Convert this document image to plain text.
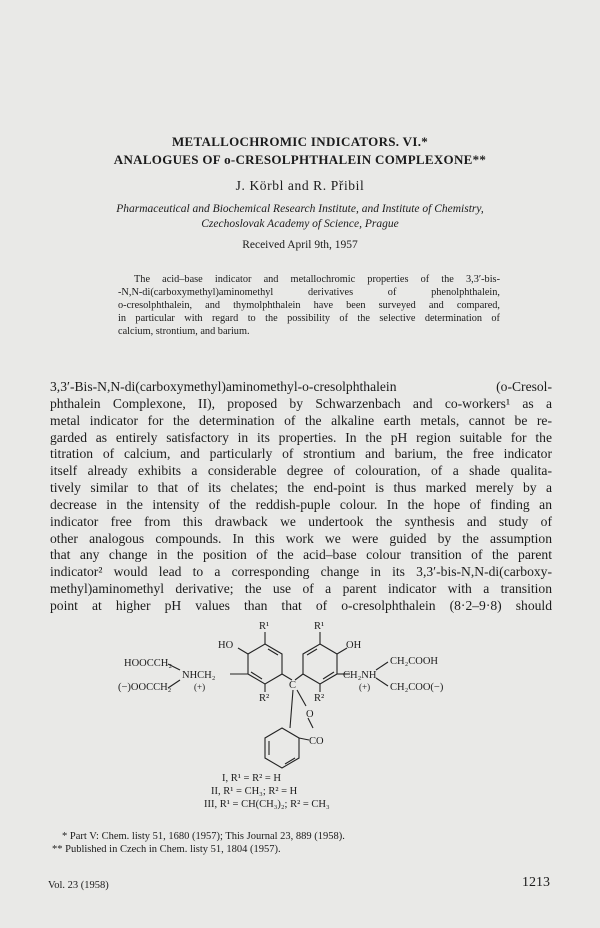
METALLOCHROMIC INDICATORS. VI.*
ANALOGUES OF o-CRESOLPHTHALEIN COMPLEXONE**
J. Körbl and R. Přibil
Pharmaceutical and Biochemical Research Institute, and Institute of Chemistry,
Czechoslovak Academy of Science, Prague
Received April 9th, 1957
The acid–base indicator and metallochromic properties of the 3,3′-bis-
-N,N-di(carboxymethyl)aminomethyl derivatives of phenolphthalein,
o-cresolphthalein, and thymolphthalein have been surveyed and compared,
in particular with regard to the possibility of the selective determination of
calcium, strontium, and barium.
3,3′-Bis-N,N-di(carboxymethyl)aminomethyl-o-cresolphthalein (o-Cresol-
phthalein Complexone, II), proposed by Schwarzenbach and co-workers¹ as a
metal indicator for the determination of the alkaline earth metals, cannot be re-
garded as entirely satisfactory in its properties. In the pH region suitable for the
titration of calcium, and particularly of strontium and barium, the free indicator
itself already exhibits a considerable degree of colouration, of a shade qualita-
tively similar to that of its chelates; the end-point is thus marked merely by a
decrease in the intensity of the reddish-puple colour. In the hope of finding an
indicator free from this drawback we undertook the synthesis and study of
other analogous compounds. In this work we were guided by the assumption
that any change in the position of the acid–base colour transition of the parent
indicator² would lead to a corresponding change in its 3,3′-bis-N,N-di(carboxy-
methyl)aminomethyl derivative; the use of a parent indicator with a transition
point at higher pH values than that of o-cresolphthalein (8·2–9·8) should
R¹	R¹
HO	OH
HOOCCH₂
(−)OOCCH₂
NHCH₂
(+)	C
CH₂NH
(+)
CH₂COOH
CH₂COO(−)
R²	R²
O
CO
I, R¹ = R² = H
II, R¹ = CH₃; R² = H
III, R¹ = CH(CH₃)₂; R² = CH₃
* Part V: Chem. listy 51, 1680 (1957); This Journal 23, 889 (1958).
** Published in Czech in Chem. listy 51, 1804 (1957).
Vol. 23 (1958)	1213
